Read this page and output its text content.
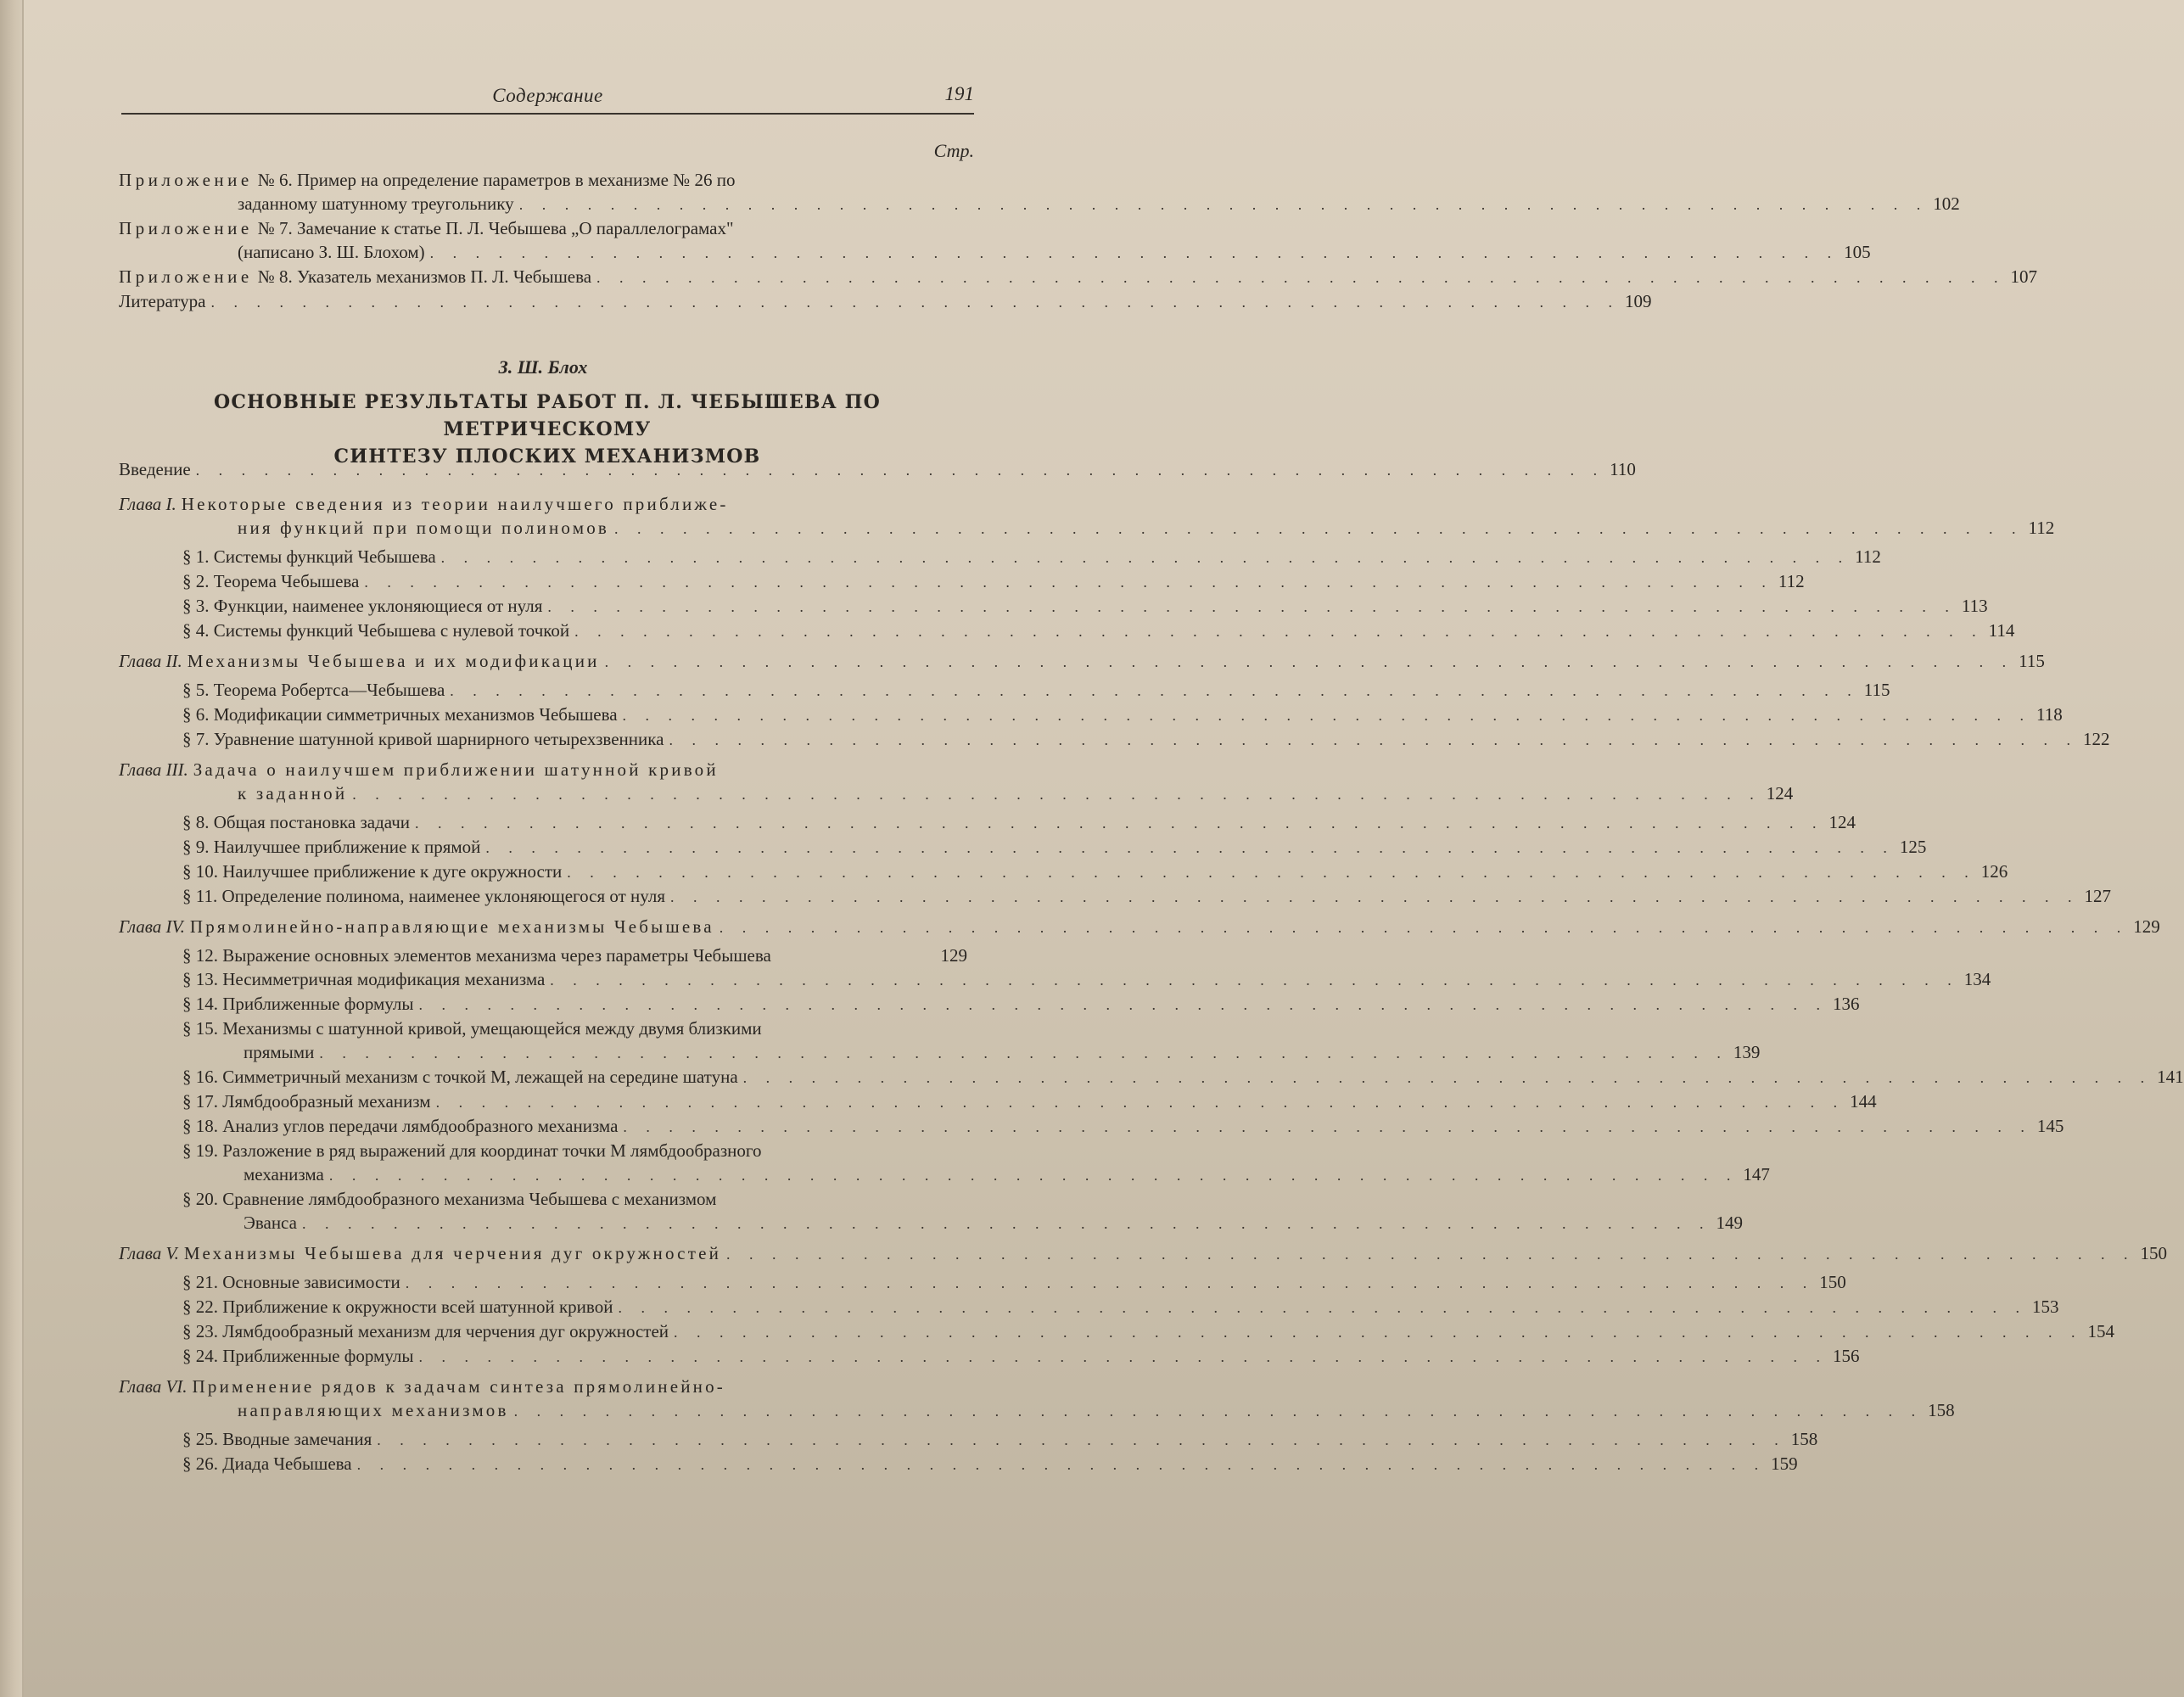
Содержание	191
Стр.
Приложение № 6. Пример на определение параметров в механизме № 26 по
заданному шатунному треугольнику . . . . . . . . . . . . . . . . . . . . . . . . . . . . . . . . . . . . . . . . . . . . . . . . . . . . . . . . . . . . . . 102
Приложение № 7. Замечание к статье П. Л. Чебышева „О параллелограмах"
(написано З. Ш. Блохом) . . . . . . . . . . . . . . . . . . . . . . . . . . . . . . . . . . . . . . . . . . . . . . . . . . . . . . . . . . . . . . 105
Приложение № 8. Указатель механизмов П. Л. Чебышева . . . . . . . . . . . . . . . . . . . . . . . . . . . . . . . . . . . . . . . . . . . . . . . . . . . . . . . . . . . . . . 107
Литература . . . . . . . . . . . . . . . . . . . . . . . . . . . . . . . . . . . . . . . . . . . . . . . . . . . . . . . . . . . . . . 109
З. Ш. Блох
ОСНОВНЫЕ РЕЗУЛЬТАТЫ РАБОТ П. Л. ЧЕБЫШЕВА ПО МЕТРИЧЕСКОМУ
СИНТЕЗУ ПЛОСКИХ МЕХАНИЗМОВ
Введение . . . . . . . . . . . . . . . . . . . . . . . . . . . . . . . . . . . . . . . . . . . . . . . . . . . . . . . . . . . . . . 110
Глава I. Некоторые сведения из теории наилучшего приближе-
ния функций при помощи полиномов . . . . . . . . . . . . . . . . . . . . . . . . . . . . . . . . . . . . . . . . . . . . . . . . . . . . . . . . . . . . . . 112
§ 1. Системы функций Чебышева . . . . . . . . . . . . . . . . . . . . . . . . . . . . . . . . . . . . . . . . . . . . . . . . . . . . . . . . . . . . . . 112
§ 2. Теорема Чебышева . . . . . . . . . . . . . . . . . . . . . . . . . . . . . . . . . . . . . . . . . . . . . . . . . . . . . . . . . . . . . . 112
§ 3. Функции, наименее уклоняющиеся от нуля . . . . . . . . . . . . . . . . . . . . . . . . . . . . . . . . . . . . . . . . . . . . . . . . . . . . . . . . . . . . . . 113
§ 4. Системы функций Чебышева с нулевой точкой . . . . . . . . . . . . . . . . . . . . . . . . . . . . . . . . . . . . . . . . . . . . . . . . . . . . . . . . . . . . . . 114
Глава II. Механизмы Чебышева и их модификации . . . . . . . . . . . . . . . . . . . . . . . . . . . . . . . . . . . . . . . . . . . . . . . . . . . . . . . . . . . . . . 115
§ 5. Теорема Робертса—Чебышева . . . . . . . . . . . . . . . . . . . . . . . . . . . . . . . . . . . . . . . . . . . . . . . . . . . . . . . . . . . . . . 115
§ 6. Модификации симметричных механизмов Чебышева . . . . . . . . . . . . . . . . . . . . . . . . . . . . . . . . . . . . . . . . . . . . . . . . . . . . . . . . . . . . . . 118
§ 7. Уравнение шатунной кривой шарнирного четырехзвенника . . . . . . . . . . . . . . . . . . . . . . . . . . . . . . . . . . . . . . . . . . . . . . . . . . . . . . . . . . . . . . 122
Глава III. Задача о наилучшем приближении шатунной кривой
к заданной . . . . . . . . . . . . . . . . . . . . . . . . . . . . . . . . . . . . . . . . . . . . . . . . . . . . . . . . . . . . . . 124
§ 8. Общая постановка задачи . . . . . . . . . . . . . . . . . . . . . . . . . . . . . . . . . . . . . . . . . . . . . . . . . . . . . . . . . . . . . . 124
§ 9. Наилучшее приближение к прямой . . . . . . . . . . . . . . . . . . . . . . . . . . . . . . . . . . . . . . . . . . . . . . . . . . . . . . . . . . . . . . 125
§ 10. Наилучшее приближение к дуге окружности . . . . . . . . . . . . . . . . . . . . . . . . . . . . . . . . . . . . . . . . . . . . . . . . . . . . . . . . . . . . . . 126
§ 11. Определение полинома, наименее уклоняющегося от нуля . . . . . . . . . . . . . . . . . . . . . . . . . . . . . . . . . . . . . . . . . . . . . . . . . . . . . . . . . . . . . . 127
Глава IV. Прямолинейно-направляющие механизмы Чебышева . . . . . . . . . . . . . . . . . . . . . . . . . . . . . . . . . . . . . . . . . . . . . . . . . . . . . . . . . . . . . . 129
§ 12. Выражение основных элементов механизма через параметры Чебышева	129
§ 13. Несимметричная модификация механизма . . . . . . . . . . . . . . . . . . . . . . . . . . . . . . . . . . . . . . . . . . . . . . . . . . . . . . . . . . . . . . 134
§ 14. Приближенные формулы . . . . . . . . . . . . . . . . . . . . . . . . . . . . . . . . . . . . . . . . . . . . . . . . . . . . . . . . . . . . . . 136
§ 15. Механизмы с шатунной кривой, умещающейся между двумя близкими
прямыми . . . . . . . . . . . . . . . . . . . . . . . . . . . . . . . . . . . . . . . . . . . . . . . . . . . . . . . . . . . . . . 139
§ 16. Симметричный механизм с точкой М, лежащей на середине шатуна . . . . . . . . . . . . . . . . . . . . . . . . . . . . . . . . . . . . . . . . . . . . . . . . . . . . . . . . . . . . . . 141
§ 17. Лямбдообразный механизм . . . . . . . . . . . . . . . . . . . . . . . . . . . . . . . . . . . . . . . . . . . . . . . . . . . . . . . . . . . . . . 144
§ 18. Анализ углов передачи лямбдообразного механизма . . . . . . . . . . . . . . . . . . . . . . . . . . . . . . . . . . . . . . . . . . . . . . . . . . . . . . . . . . . . . . 145
§ 19. Разложение в ряд выражений для координат точки М лямбдообразного
механизма . . . . . . . . . . . . . . . . . . . . . . . . . . . . . . . . . . . . . . . . . . . . . . . . . . . . . . . . . . . . . . 147
§ 20. Сравнение лямбдообразного механизма Чебышева с механизмом
Эванса . . . . . . . . . . . . . . . . . . . . . . . . . . . . . . . . . . . . . . . . . . . . . . . . . . . . . . . . . . . . . . 149
Глава V. Механизмы Чебышева для черчения дуг окружностей . . . . . . . . . . . . . . . . . . . . . . . . . . . . . . . . . . . . . . . . . . . . . . . . . . . . . . . . . . . . . . 150
§ 21. Основные зависимости . . . . . . . . . . . . . . . . . . . . . . . . . . . . . . . . . . . . . . . . . . . . . . . . . . . . . . . . . . . . . . 150
§ 22. Приближение к окружности всей шатунной кривой . . . . . . . . . . . . . . . . . . . . . . . . . . . . . . . . . . . . . . . . . . . . . . . . . . . . . . . . . . . . . . 153
§ 23. Лямбдообразный механизм для черчения дуг окружностей . . . . . . . . . . . . . . . . . . . . . . . . . . . . . . . . . . . . . . . . . . . . . . . . . . . . . . . . . . . . . . 154
§ 24. Приближенные формулы . . . . . . . . . . . . . . . . . . . . . . . . . . . . . . . . . . . . . . . . . . . . . . . . . . . . . . . . . . . . . . 156
Глава VI. Применение рядов к задачам синтеза прямолинейно-
направляющих механизмов . . . . . . . . . . . . . . . . . . . . . . . . . . . . . . . . . . . . . . . . . . . . . . . . . . . . . . . . . . . . . . 158
§ 25. Вводные замечания . . . . . . . . . . . . . . . . . . . . . . . . . . . . . . . . . . . . . . . . . . . . . . . . . . . . . . . . . . . . . . 158
§ 26. Диада Чебышева . . . . . . . . . . . . . . . . . . . . . . . . . . . . . . . . . . . . . . . . . . . . . . . . . . . . . . . . . . . . . . 159
